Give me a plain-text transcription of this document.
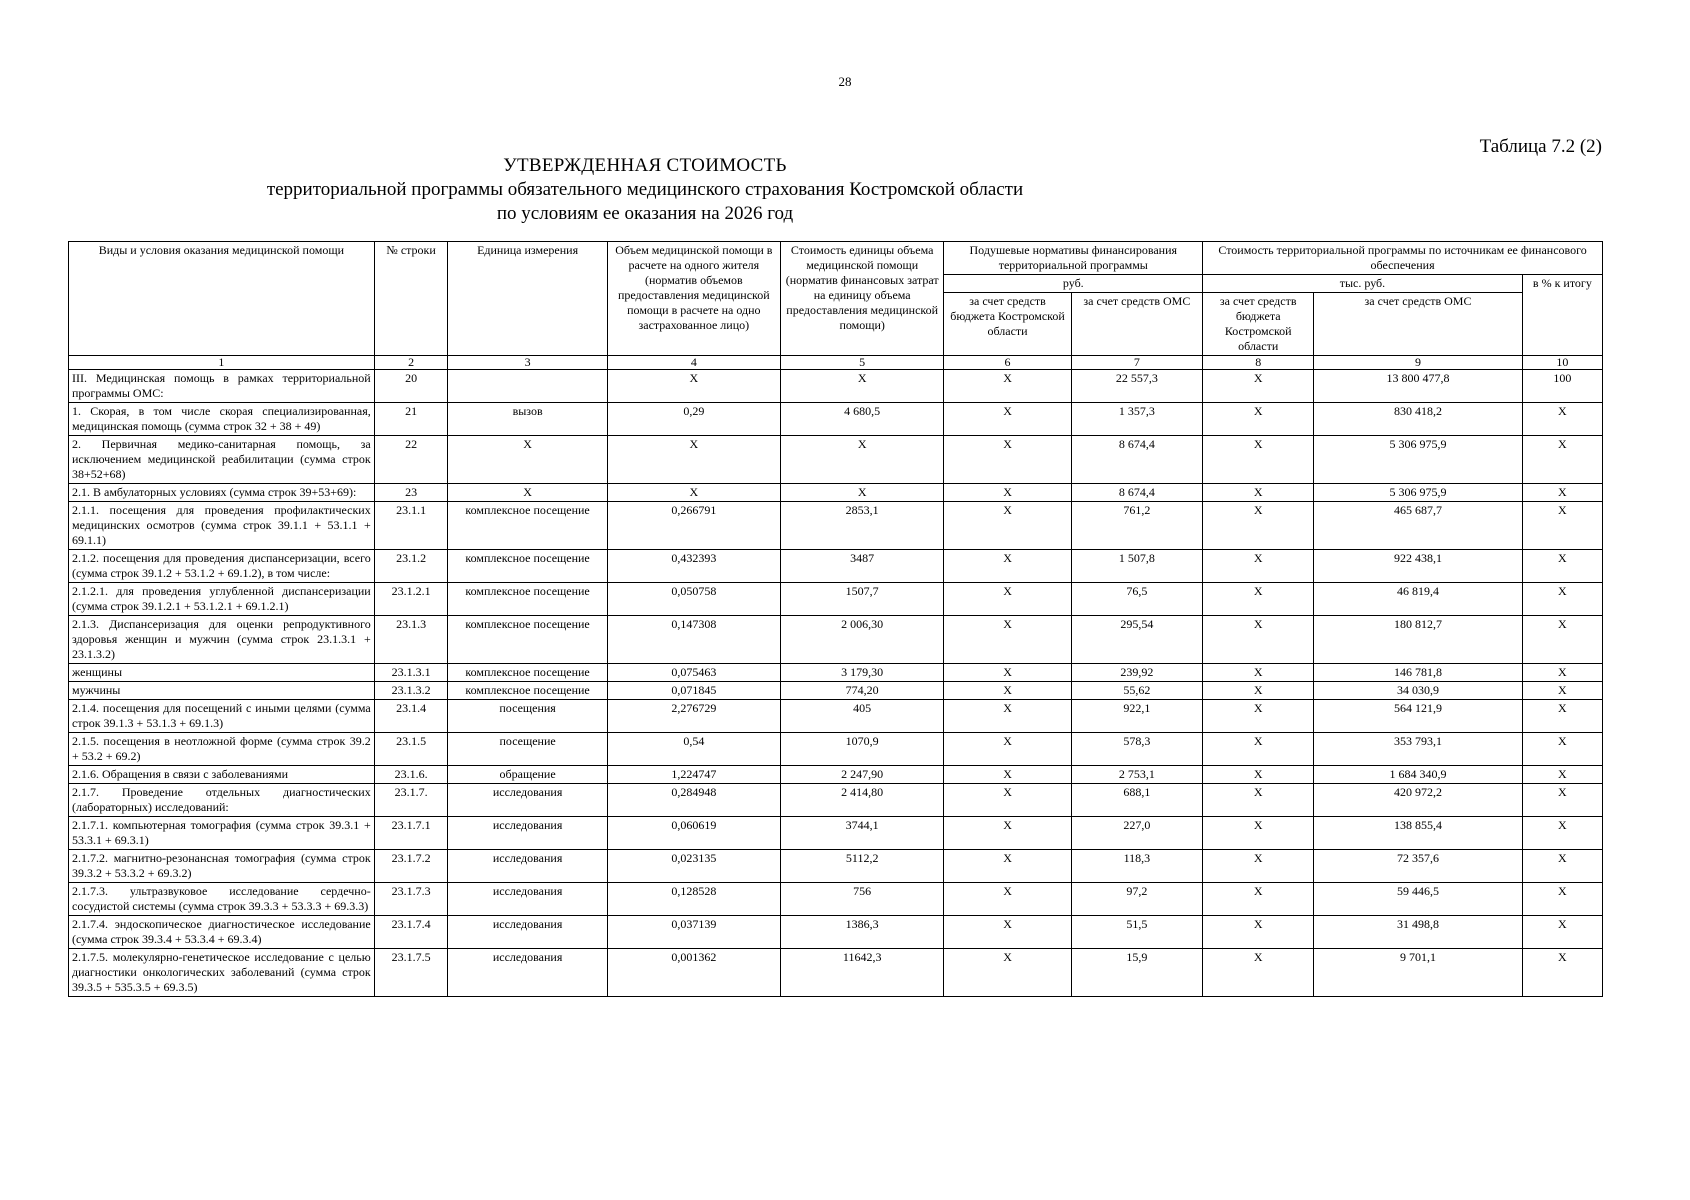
28
Таблица 7.2 (2)
УТВЕРЖДЕННАЯ СТОИМОСТЬ
территориальной программы обязательного медицинского страхования Костромской области
по условиям ее оказания на 2026 год
Виды и условия оказания медицинской помощи	№ строки	Единица измерения	Объем медицинской помощи в расчете на одного жителя (норматив объемов предоставления медицинской помощи в расчете на одно застрахованное лицо)	Стоимость единицы объема медицинской помощи (норматив финансовых затрат на единицу объема предоставления медицинской помощи)	Подушевые нормативы финансирования территориальной программы		Стоимость территориальной программы по источникам ее финансового обеспечения		
					руб.		тыс. руб.		в % к итогу
					за счет средств бюджета Костромской области	за счет средств ОМС	за счет средств бюджета Костромской области	за счет средств ОМС	
1	2	3	4	5	6	7	8	9	10
III. Медицинская помощь в рамках территориальной программы ОМС:	20		X	X	X	22 557,3	X	13 800 477,8	100
1. Скорая, в том числе скорая специализированная, медицинская помощь (сумма строк 32 + 38 + 49)	21	вызов	0,29	4 680,5	X	1 357,3	X	830 418,2	X
2. Первичная медико-санитарная помощь, за исключением медицинской реабилитации (сумма строк 38+52+68)	22	X	X	X	X	8 674,4	X	5 306 975,9	X
2.1. В амбулаторных условиях (сумма строк 39+53+69):	23	X	X	X	X	8 674,4	X	5 306 975,9	X
2.1.1. посещения для проведения профилактических медицинских осмотров (сумма строк 39.1.1 + 53.1.1 + 69.1.1)	23.1.1	комплексное посещение	0,266791	2853,1	X	761,2	X	465 687,7	X
2.1.2. посещения для проведения диспансеризации, всего (сумма строк 39.1.2 + 53.1.2 + 69.1.2), в том числе:	23.1.2	комплексное посещение	0,432393	3487	X	1 507,8	X	922 438,1	X
2.1.2.1. для проведения углубленной диспансеризации (сумма строк 39.1.2.1 + 53.1.2.1 + 69.1.2.1)	23.1.2.1	комплексное посещение	0,050758	1507,7	X	76,5	X	46 819,4	X
2.1.3. Диспансеризация для оценки репродуктивного здоровья женщин и мужчин (сумма строк 23.1.3.1 + 23.1.3.2)	23.1.3	комплексное посещение	0,147308	2 006,30	X	295,54	X	180 812,7	X
женщины	23.1.3.1	комплексное посещение	0,075463	3 179,30	X	239,92	X	146 781,8	X
мужчины	23.1.3.2	комплексное посещение	0,071845	774,20	X	55,62	X	34 030,9	X
2.1.4. посещения для посещений с иными целями (сумма строк 39.1.3 + 53.1.3 + 69.1.3)	23.1.4	посещения	2,276729	405	X	922,1	X	564 121,9	X
2.1.5. посещения в неотложной форме (сумма строк 39.2 + 53.2 + 69.2)	23.1.5	посещение	0,54	1070,9	X	578,3	X	353 793,1	X
2.1.6. Обращения в связи с заболеваниями	23.1.6.	обращение	1,224747	2 247,90	X	2 753,1	X	1 684 340,9	X
2.1.7. Проведение отдельных диагностических (лабораторных) исследований:	23.1.7.	исследования	0,284948	2 414,80	X	688,1	X	420 972,2	X
2.1.7.1. компьютерная томография (сумма строк 39.3.1 + 53.3.1 + 69.3.1)	23.1.7.1	исследования	0,060619	3744,1	X	227,0	X	138 855,4	X
2.1.7.2. магнитно-резонансная томография (сумма строк 39.3.2 + 53.3.2 + 69.3.2)	23.1.7.2	исследования	0,023135	5112,2	X	118,3	X	72 357,6	X
2.1.7.3. ультразвуковое исследование сердечно-сосудистой системы (сумма строк 39.3.3 + 53.3.3 + 69.3.3)	23.1.7.3	исследования	0,128528	756	X	97,2	X	59 446,5	X
2.1.7.4. эндоскопическое диагностическое исследование (сумма строк 39.3.4 + 53.3.4 + 69.3.4)	23.1.7.4	исследования	0,037139	1386,3	X	51,5	X	31 498,8	X
2.1.7.5. молекулярно-генетическое исследование с целью диагностики онкологических заболеваний (сумма строк 39.3.5 + 535.3.5 + 69.3.5)	23.1.7.5	исследования	0,001362	11642,3	X	15,9	X	9 701,1	X
